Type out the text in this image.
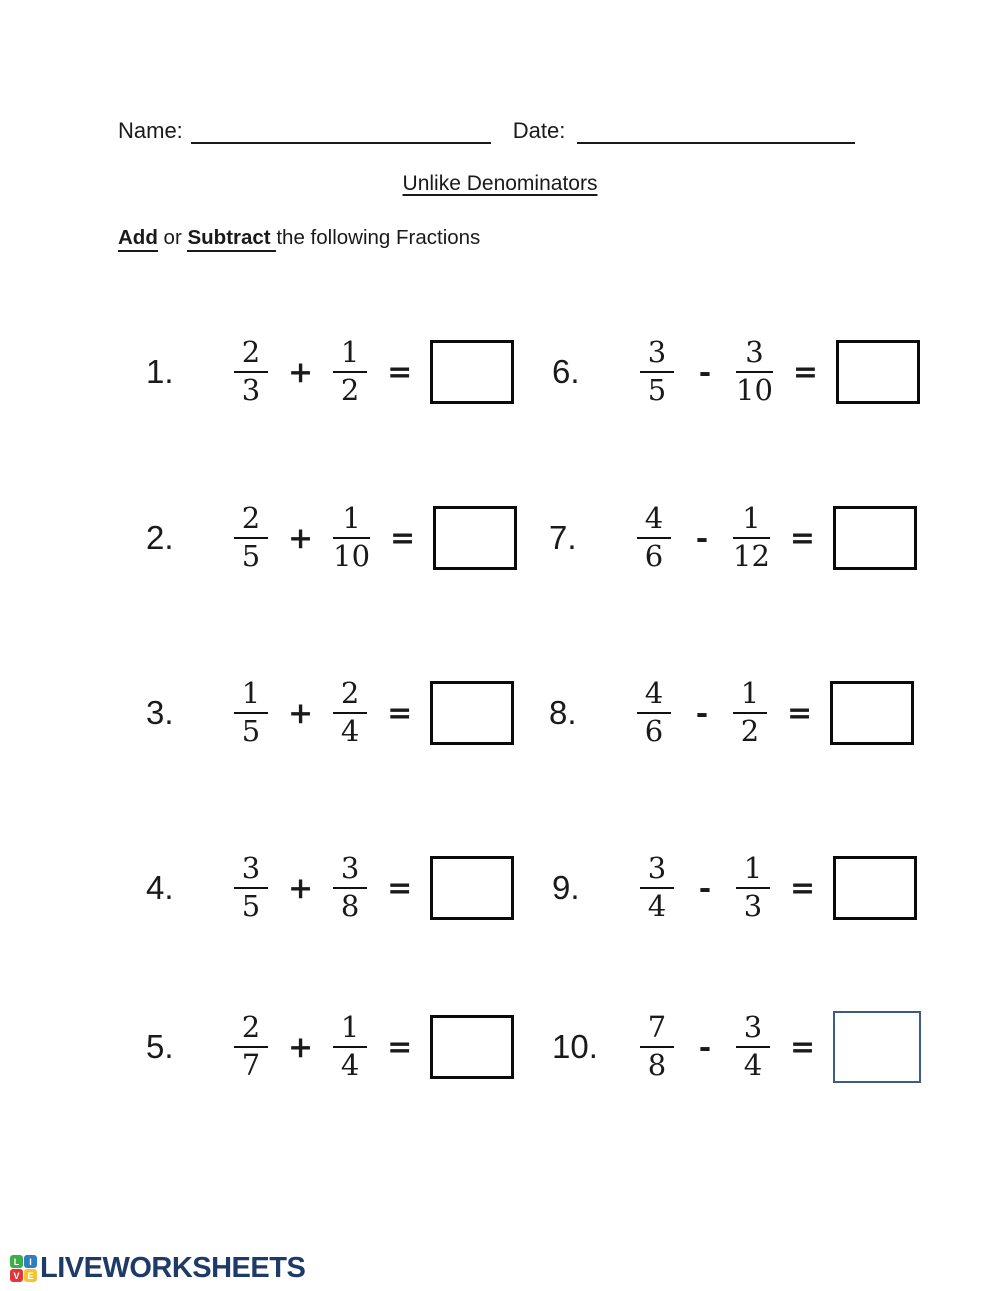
Name:	Date:
Unlike Denominators
Add or Subtract the following Fractions
1.	$\frac{2}{3} + \frac{1}{2}$ =
2.	$\frac{2}{5} + \frac{1}{10}$ =
3.	$\frac{1}{5} + \frac{2}{4}$ =
4.	$\frac{3}{5} + \frac{3}{8}$ =
5.	$\frac{2}{7} + \frac{1}{4}$ =
6.	$\frac{3}{5} - \frac{3}{10}$ =
7.	$\frac{4}{6} - \frac{1}{12}$ =
8.	$\frac{4}{6} - \frac{1}{2}$ =
9.	$\frac{3}{4} - \frac{1}{3}$ =
10.	$\frac{7}{8} - \frac{3}{4}$ =
L	I
V E LIVEWORKSHEETS
